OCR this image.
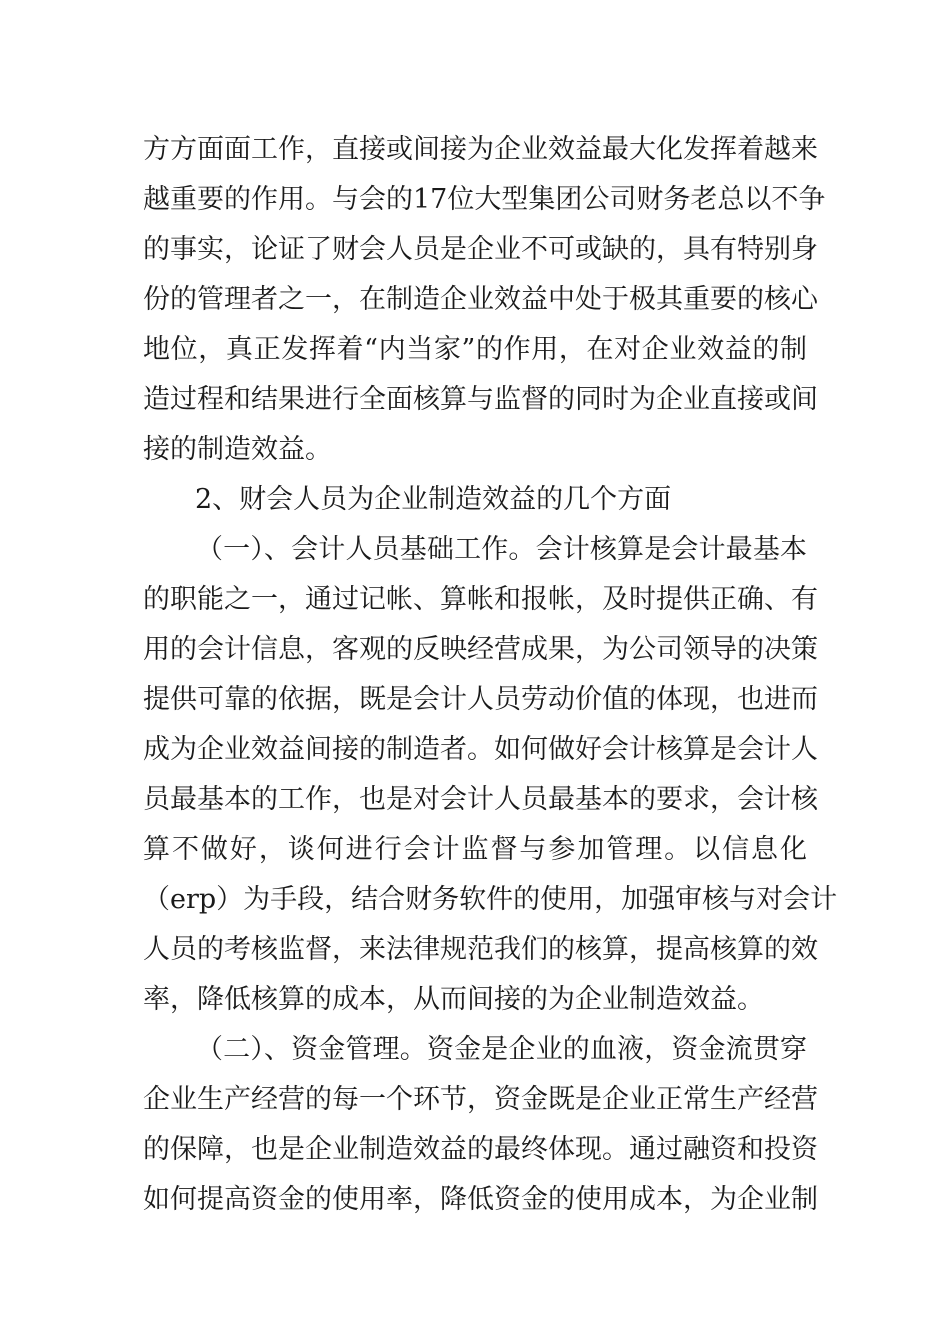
方方面面工作，直接或间接为企业效益最大化发挥着越来
越重要的作用。与会的17位大型集团公司财务老总以不争
的事实，论证了财会人员是企业不可或缺的，具有特别身
份的管理者之一，在制造企业效益中处于极其重要的核心
地位，真正发挥着“内当家”的作用，在对企业效益的制
造过程和结果进行全面核算与监督的同时为企业直接或间
接的制造效益。
2、财会人员为企业制造效益的几个方面
（一）、会计人员基础工作。会计核算是会计最基本
的职能之一，通过记帐、算帐和报帐，及时提供正确、有
用的会计信息，客观的反映经营成果，为公司领导的决策
提供可靠的依据，既是会计人员劳动价值的体现，也进而
成为企业效益间接的制造者。如何做好会计核算是会计人
员最基本的工作，也是对会计人员最基本的要求，会计核
算不做好，谈何进行会计监督与参加管理。以信息化
（erp）为手段，结合财务软件的使用，加强审核与对会计
人员的考核监督，来法律规范我们的核算，提高核算的效
率，降低核算的成本，从而间接的为企业制造效益。
（二）、资金管理。资金是企业的血液，资金流贯穿
企业生产经营的每一个环节，资金既是企业正常生产经营
的保障，也是企业制造效益的最终体现。通过融资和投资
如何提高资金的使用率，降低资金的使用成本，为企业制
